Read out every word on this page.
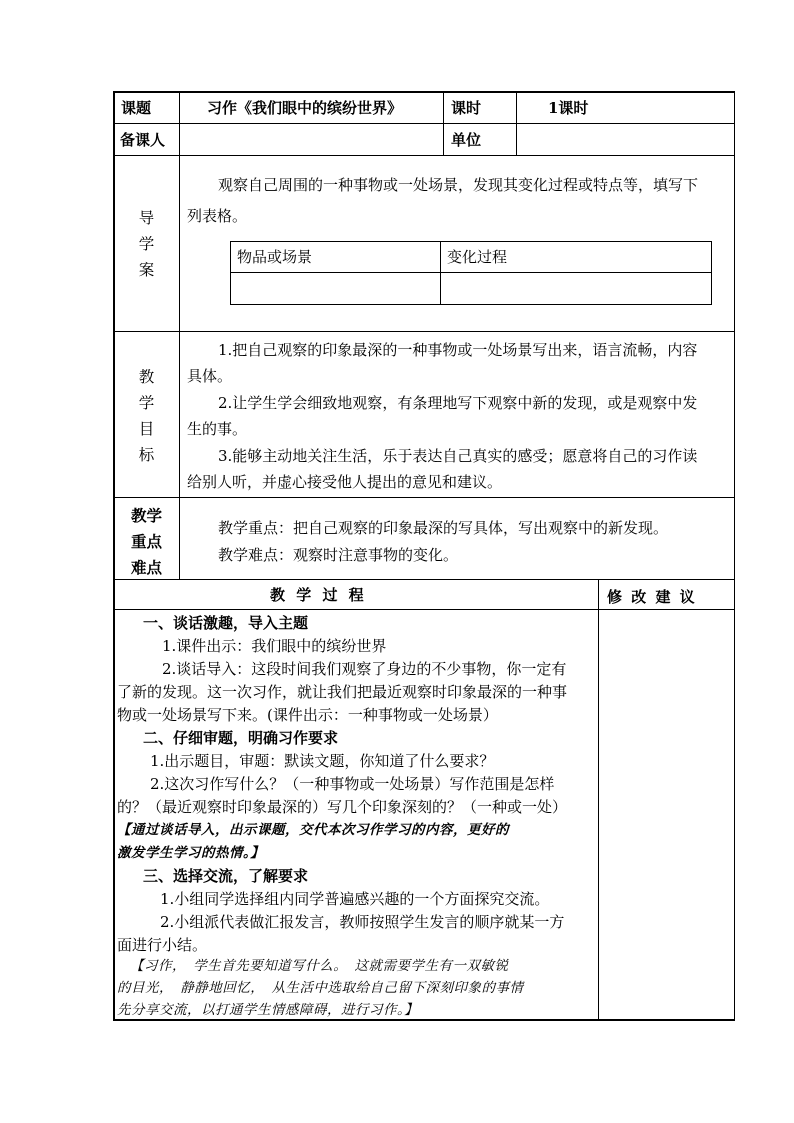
课题	习作《我们眼中的缤纷世界》	课时	1课时
备课人	单位
导
学
案
观察自己周围的一种事物或一处场景，发现其变化过程或特点等，填写下
列表格。
物品或场景	变化过程
教
学
目
标
1.把自己观察的印象最深的一种事物或一处场景写出来，语言流畅，内容
具体。
2.让学生学会细致地观察，有条理地写下观察中新的发现，或是观察中发
生的事。
3.能够主动地关注生活，乐于表达自己真实的感受；愿意将自己的习作读
给别人听，并虚心接受他人提出的意见和建议。
教学
重点
难点
教学重点：把自己观察的印象最深的写具体，写出观察中的新发现。
教学难点：观察时注意事物的变化。
教 学 过 程	修 改 建 议
一、谈话激趣，导入主题
1.课件出示：我们眼中的缤纷世界
2.谈话导入：这段时间我们观察了身边的不少事物，你一定有
了新的发现。这一次习作，就让我们把最近观察时印象最深的一种事
物或一处场景写下来。(课件出示：一种事物或一处场景）
二、仔细审题，明确习作要求
1.出示题目，审题：默读文题，你知道了什么要求？
2.这次习作写什么？（一种事物或一处场景）写作范围是怎样
的？（最近观察时印象最深的）写几个印象深刻的？（一种或一处）
【通过谈话导入，出示课题，交代本次习作学习的内容，更好的
激发学生学习的热情。】
三、选择交流，了解要求
1.小组同学选择组内同学普遍感兴趣的一个方面探究交流。
2.小组派代表做汇报发言，教师按照学生发言的顺序就某一方
面进行小结。
【习作，　学生首先要知道写什么。　这就需要学生有一双敏锐
的目光，　静静地回忆，　从生活中选取给自己留下深刻印象的事情
先分享交流，以打通学生情感障碍，进行习作。】
